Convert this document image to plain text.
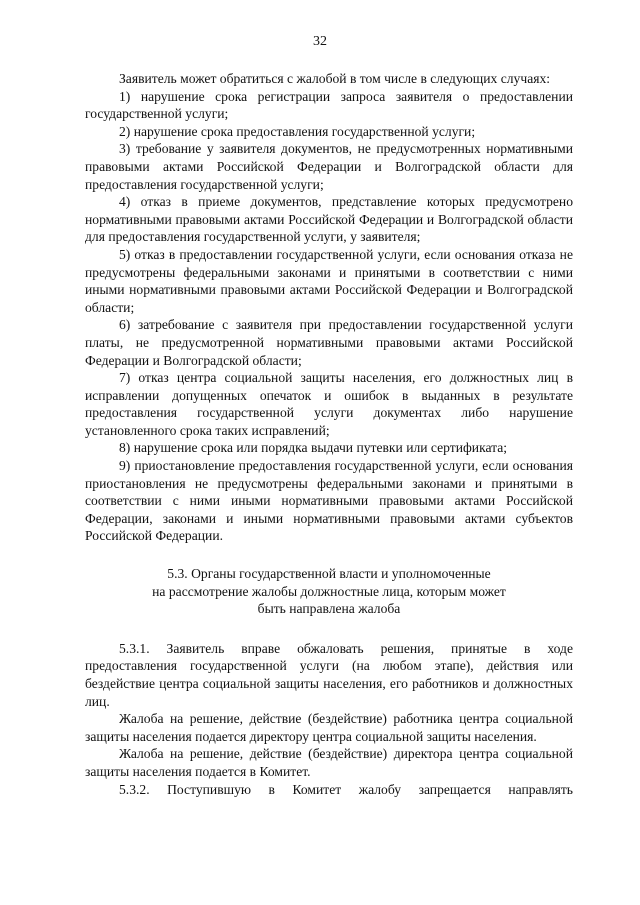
32

Заявитель может обратиться с жалобой в том числе в следующих случаях:

1) нарушение срока регистрации запроса заявителя о предоставлении государственной услуги;

2) нарушение срока предоставления государственной услуги;

3) требование у заявителя документов, не предусмотренных нормативными правовыми актами Российской Федерации и Волгоградской области для предоставления государственной услуги;

4) отказ в приеме документов, представление которых предусмотрено нормативными правовыми актами Российской Федерации и Волгоградской области для предоставления государственной услуги, у заявителя;

5) отказ в предоставлении государственной услуги, если основания отказа не предусмотрены федеральными законами и принятыми в соответствии с ними иными нормативными правовыми актами Российской Федерации и Волгоградской области;

6) затребование с заявителя при предоставлении государственной услуги платы, не предусмотренной нормативными правовыми актами Российской Федерации и Волгоградской области;

7) отказ центра социальной защиты населения, его должностных лиц в исправлении допущенных опечаток и ошибок в выданных в результате предоставления государственной услуги документах либо нарушение установленного срока таких исправлений;

8) нарушение срока или порядка выдачи путевки или сертификата;

9) приостановление предоставления государственной услуги, если основания приостановления не предусмотрены федеральными законами и принятыми в соответствии с ними иными нормативными правовыми актами Российской Федерации, законами и иными нормативными правовыми актами субъектов Российской Федерации.

5.3. Органы государственной власти и уполномоченные
на рассмотрение жалобы должностные лица, которым может
быть направлена жалоба

5.3.1. Заявитель вправе обжаловать решения, принятые в ходе предоставления государственной услуги (на любом этапе), действия или бездействие центра социальной защиты населения, его работников и должностных лиц.

Жалоба на решение, действие (бездействие) работника центра социальной защиты населения подается директору центра социальной защиты населения.

Жалоба на решение, действие (бездействие) директора центра социальной защиты населения подается в Комитет.

5.3.2. Поступившую в Комитет жалобу запрещается направлять
